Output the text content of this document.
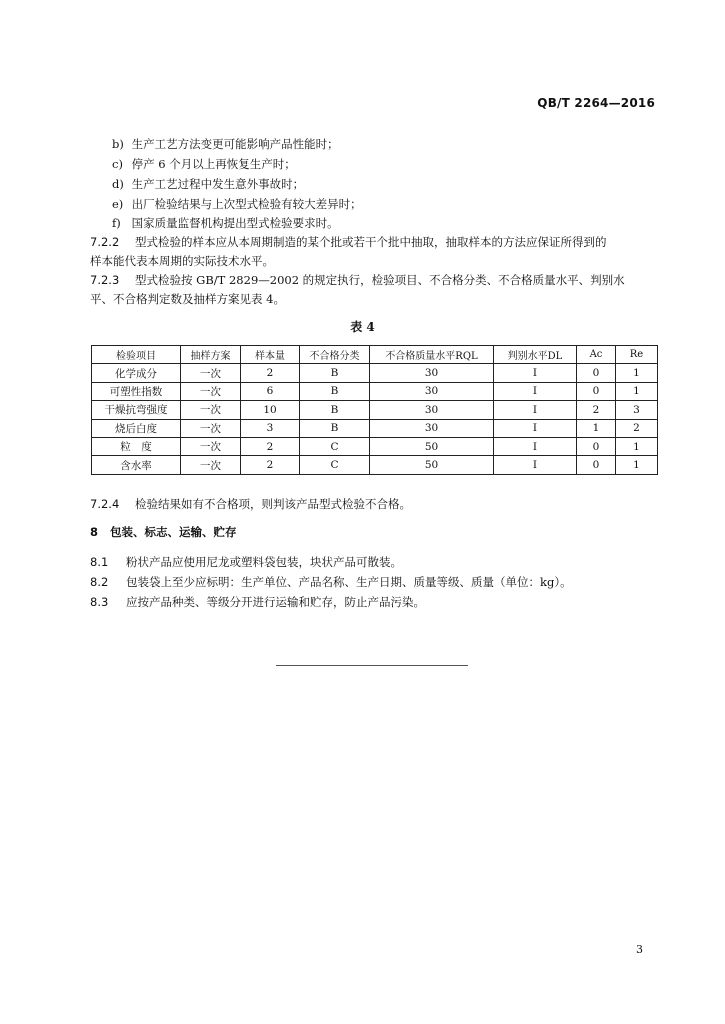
QB/T 2264—2016
b) 生产工艺方法变更可能影响产品性能时；
c) 停产 6 个月以上再恢复生产时；
d) 生产工艺过程中发生意外事故时；
e) 出厂检验结果与上次型式检验有较大差异时；
f) 国家质量监督机构提出型式检验要求时。
7.2.2 型式检验的样本应从本周期制造的某个批或若干个批中抽取，抽取样本的方法应保证所得到的
样本能代表本周期的实际技术水平。
7.2.3 型式检验按 GB/T 2829—2002 的规定执行，检验项目、不合格分类、不合格质量水平、判别水
平、不合格判定数及抽样方案见表 4。
表 4
检验项目	抽样方案	样本量	不合格分类	不合格质量水平RQL	判别水平DL	Ac	Re
化学成分	一次	2	B	30	I	0	1
可塑性指数	一次	6	B	30	I	0	1
干燥抗弯强度	一次	10	B	30	I	2	3
烧后白度	一次	3	B	30	I	1	2
粒　度	一次	2	C	50	I	0	1
含水率	一次	2	C	50	I	0	1
7.2.4 检验结果如有不合格项，则判该产品型式检验不合格。
8 包装、标志、运输、贮存
8.1 粉状产品应使用尼龙或塑料袋包装，块状产品可散装。
8.2 包装袋上至少应标明：生产单位、产品名称、生产日期、质量等级、质量（单位：kg）。
8.3 应按产品种类、等级分开进行运输和贮存，防止产品污染。
3
